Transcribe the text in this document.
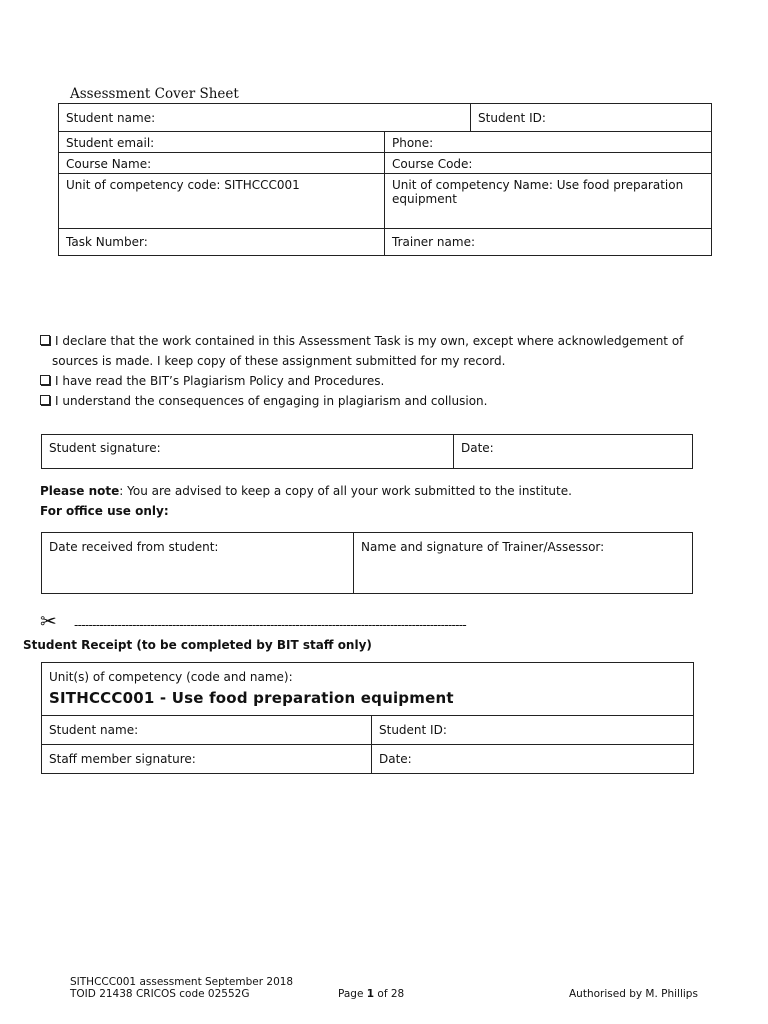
Assessment Cover Sheet
Student name:		Student ID:
Student email:	Phone:	
Course Name:	Course Code:	
Unit of competency code: SITHCCC001	Unit of competency Name: Use food preparation equipment	
Task Number:	Trainer name:	
I declare that the work contained in this Assessment Task is my own, except where acknowledgement of
sources is made. I keep copy of these assignment submitted for my record.
I have read the BIT’s Plagiarism Policy and Procedures.
I understand the consequences of engaging in plagiarism and collusion.
Student signature:	Date:
Please note: You are advised to keep a copy of all your work submitted to the institute.
For office use only:
Date received from student:	Name and signature of Trainer/Assessor:
✂ ------------------------------------------------------------------------------------------------------------
Student Receipt (to be completed by BIT staff only)
Unit(s) of competency (code and name):
SITHCCC001 - Use food preparation equipment	

Student name:	Student ID:
Staff member signature:	Date:
SITHCCC001 assessment September 2018
TOID 21438 CRICOS code 02552G	Page 1 of 28	Authorised by M. Phillips
